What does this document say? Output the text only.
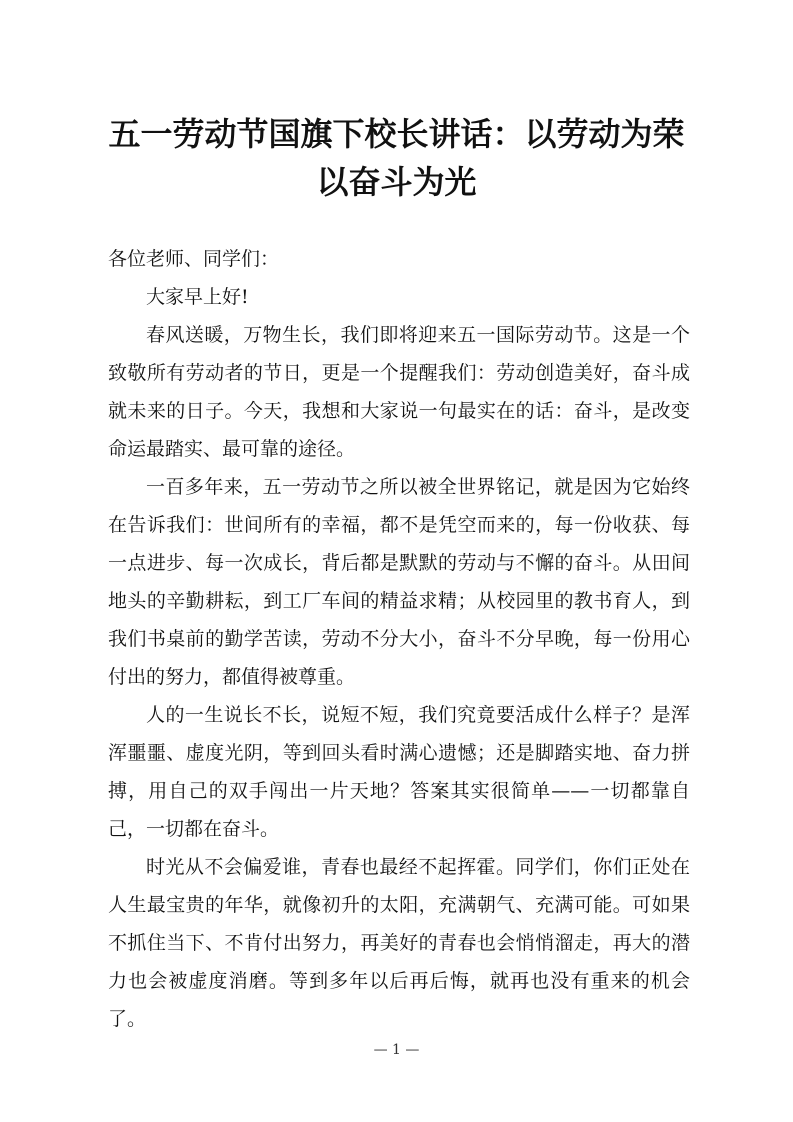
五一劳动节国旗下校长讲话：以劳动为荣
以奋斗为光
各位老师、同学们：
大家早上好!
春风送暖，万物生长，我们即将迎来五一国际劳动节。这是一个致敬所有劳动者的节日，更是一个提醒我们：劳动创造美好，奋斗成就未来的日子。今天，我想和大家说一句最实在的话：奋斗，是改变命运最踏实、最可靠的途径。
一百多年来，五一劳动节之所以被全世界铭记，就是因为它始终在告诉我们：世间所有的幸福，都不是凭空而来的，每一份收获、每一点进步、每一次成长，背后都是默默的劳动与不懈的奋斗。从田间地头的辛勤耕耘，到工厂车间的精益求精；从校园里的教书育人，到我们书桌前的勤学苦读，劳动不分大小，奋斗不分早晚，每一份用心付出的努力，都值得被尊重。
人的一生说长不长，说短不短，我们究竟要活成什么样子？是浑浑噩噩、虚度光阴，等到回头看时满心遗憾；还是脚踏实地、奋力拼搏，用自己的双手闯出一片天地？答案其实很简单——一切都靠自己，一切都在奋斗。
时光从不会偏爱谁，青春也最经不起挥霍。同学们，你们正处在人生最宝贵的年华，就像初升的太阳，充满朝气、充满可能。可如果不抓住当下、不肯付出努力，再美好的青春也会悄悄溜走，再大的潜力也会被虚度消磨。等到多年以后再后悔，就再也没有重来的机会了。
— 1 —
